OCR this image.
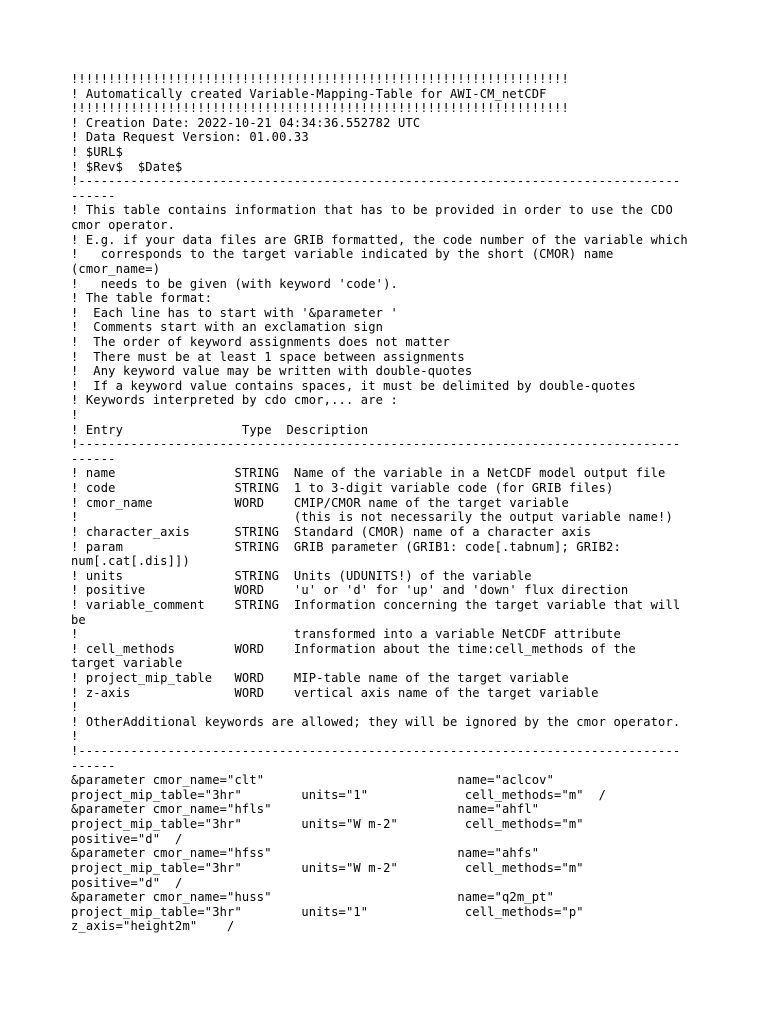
!!!!!!!!!!!!!!!!!!!!!!!!!!!!!!!!!!!!!!!!!!!!!!!!!!!!!!!!!!!!!!!!!!!
! Automatically created Variable-Mapping-Table for AWI-CM_netCDF
!!!!!!!!!!!!!!!!!!!!!!!!!!!!!!!!!!!!!!!!!!!!!!!!!!!!!!!!!!!!!!!!!!!
! Creation Date: 2022-10-21 04:34:36.552782 UTC
! Data Request Version: 01.00.33
! $URL$
! $Rev$  $Date$
!---------------------------------------------------------------------------------
------
! This table contains information that has to be provided in order to use the CDO
cmor operator.
! E.g. if your data files are GRIB formatted, the code number of the variable which
!   corresponds to the target variable indicated by the short (CMOR) name
(cmor_name=)
!   needs to be given (with keyword 'code').
! The table format:
!  Each line has to start with '&parameter '
!  Comments start with an exclamation sign
!  The order of keyword assignments does not matter
!  There must be at least 1 space between assignments
!  Any keyword value may be written with double-quotes
!  If a keyword value contains spaces, it must be delimited by double-quotes
! Keywords interpreted by cdo cmor,... are :
!
! Entry                Type  Description
!---------------------------------------------------------------------------------
------
! name                STRING  Name of the variable in a NetCDF model output file
! code                STRING  1 to 3-digit variable code (for GRIB files)
! cmor_name           WORD    CMIP/CMOR name of the target variable
!                             (this is not necessarily the output variable name!)
! character_axis      STRING  Standard (CMOR) name of a character axis
! param               STRING  GRIB parameter (GRIB1: code[.tabnum]; GRIB2:
num[.cat[.dis]])
! units               STRING  Units (UDUNITS!) of the variable
! positive            WORD    'u' or 'd' for 'up' and 'down' flux direction
! variable_comment    STRING  Information concerning the target variable that will
be
!                             transformed into a variable NetCDF attribute
! cell_methods        WORD    Information about the time:cell_methods of the
target variable
! project_mip_table   WORD    MIP-table name of the target variable
! z-axis              WORD    vertical axis name of the target variable
!
! OtherAdditional keywords are allowed; they will be ignored by the cmor operator.
!
!---------------------------------------------------------------------------------
------
&parameter cmor_name="clt"                          name="aclcov"
project_mip_table="3hr"        units="1"             cell_methods="m"  /
&parameter cmor_name="hfls"                         name="ahfl"
project_mip_table="3hr"        units="W m-2"         cell_methods="m"
positive="d"  /
&parameter cmor_name="hfss"                         name="ahfs"
project_mip_table="3hr"        units="W m-2"         cell_methods="m"
positive="d"  /
&parameter cmor_name="huss"                         name="q2m_pt"
project_mip_table="3hr"        units="1"             cell_methods="p"
z_axis="height2m"    /
